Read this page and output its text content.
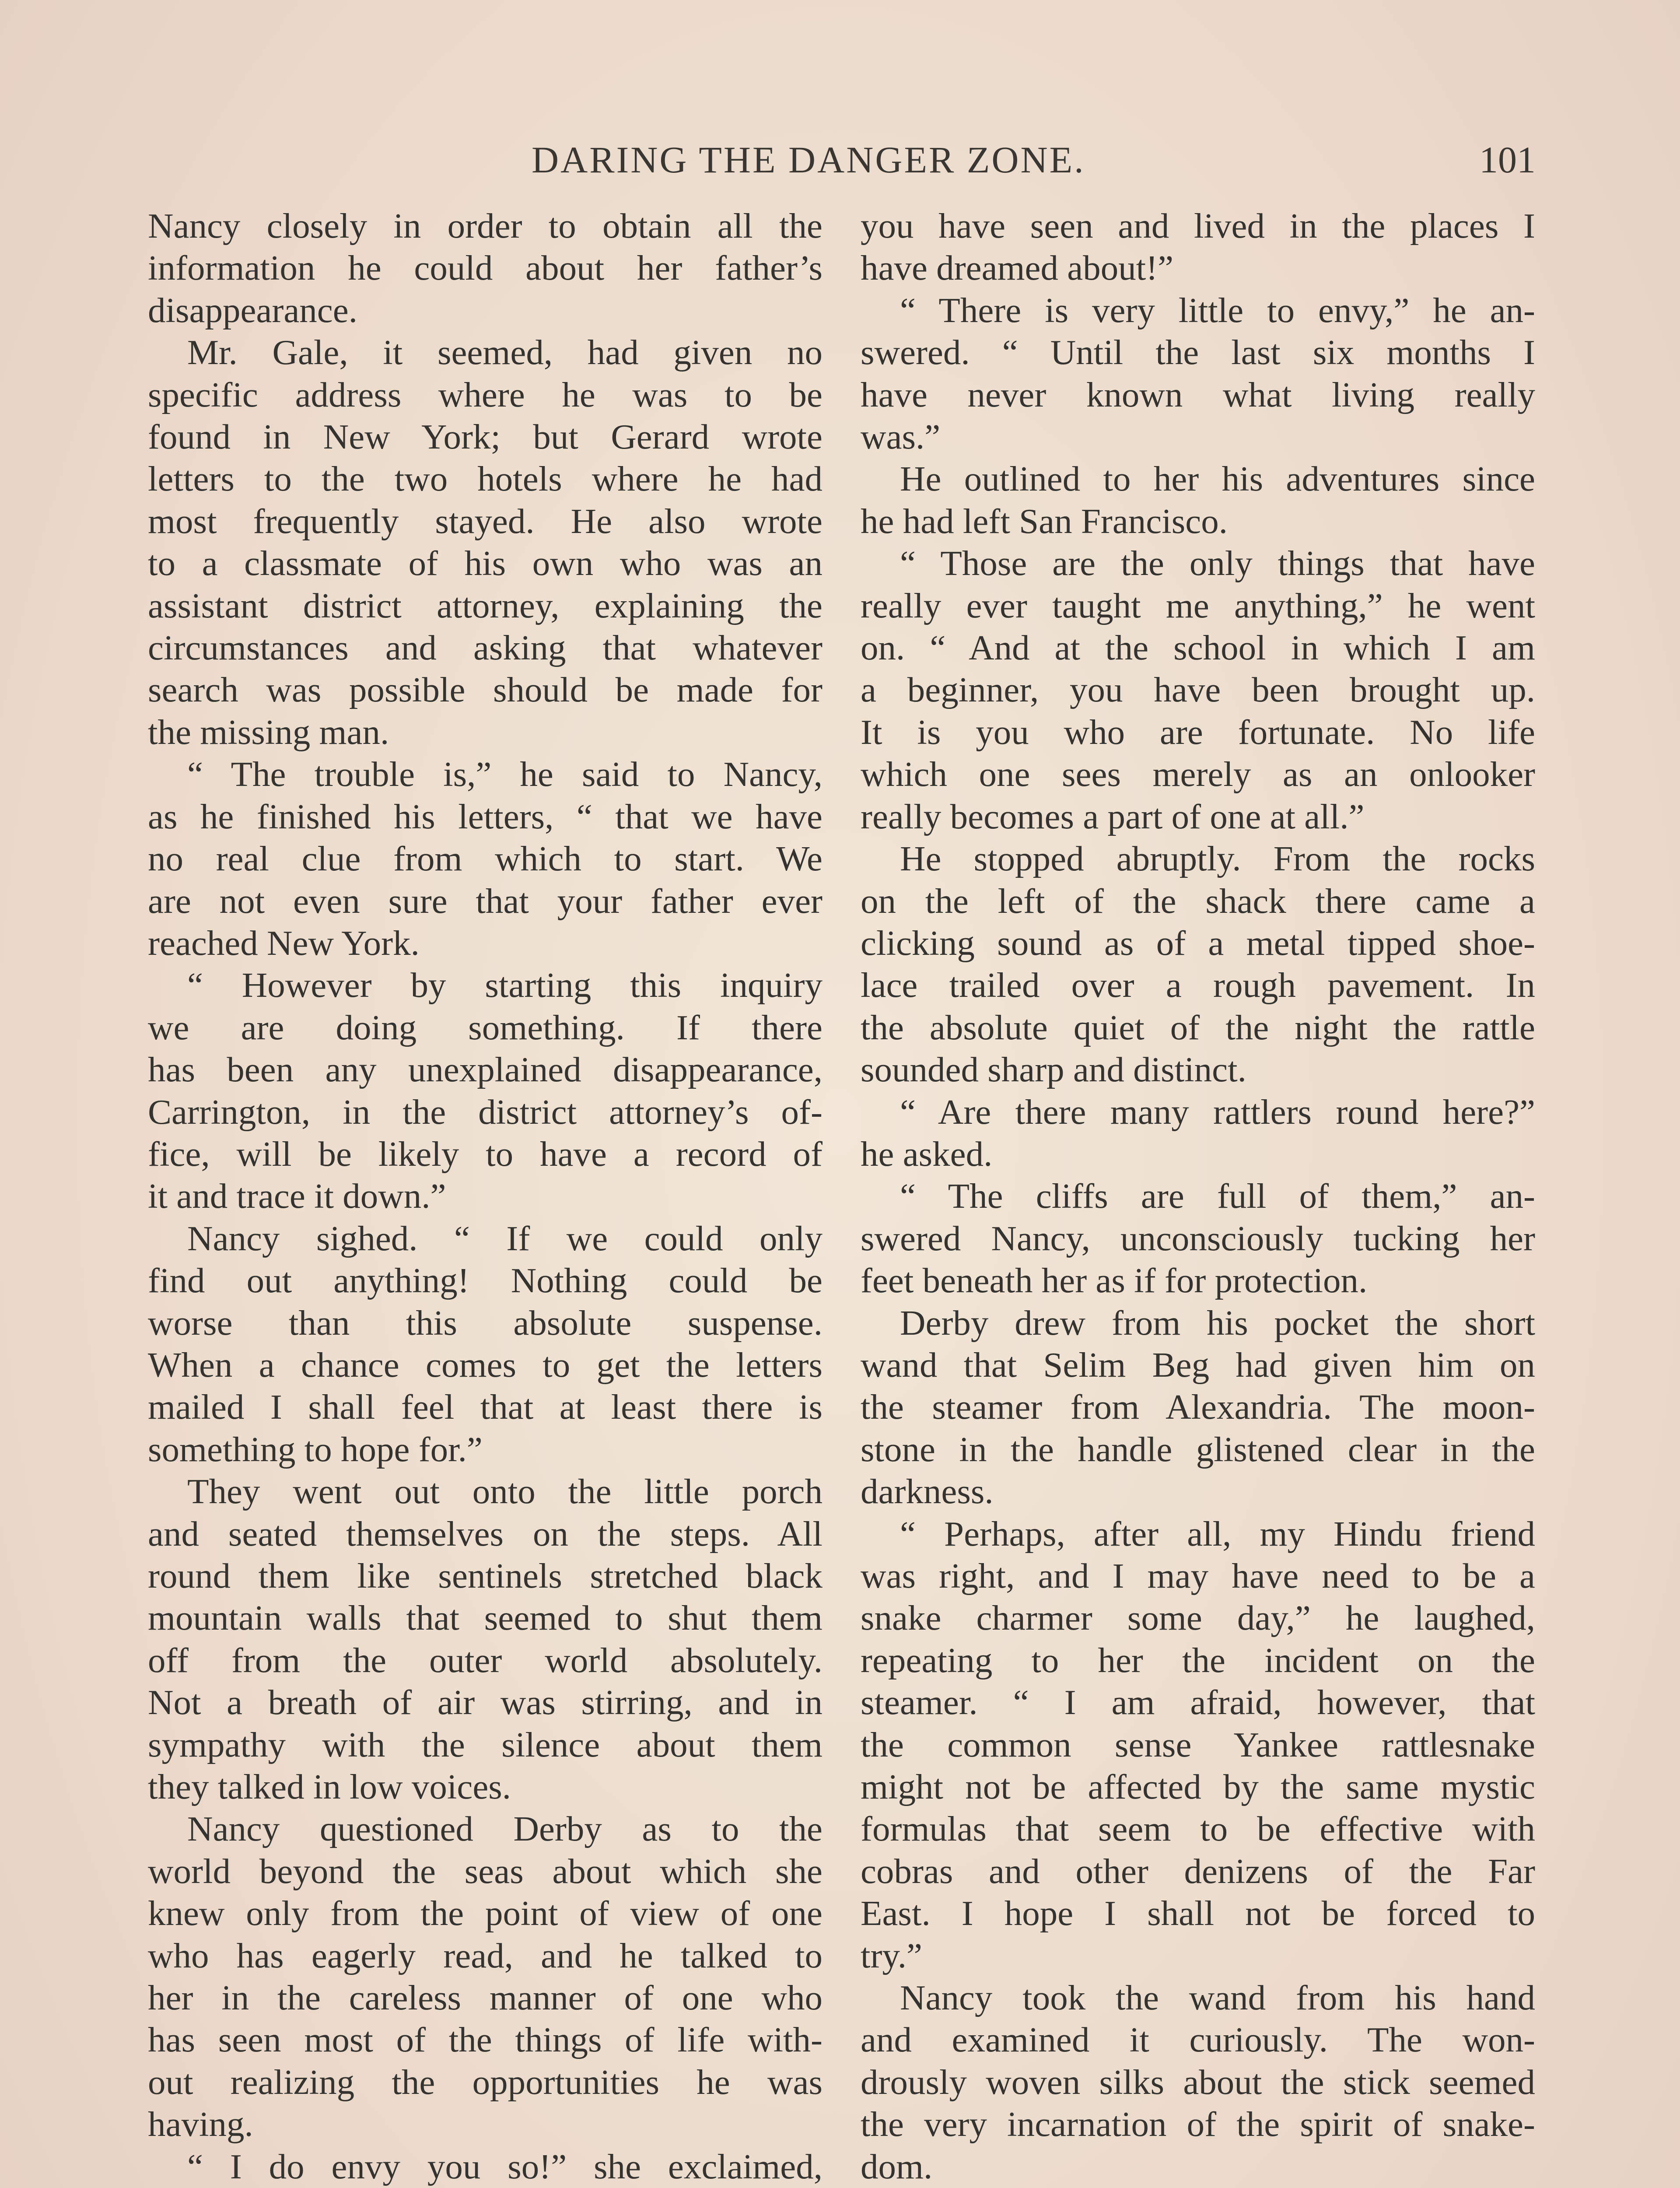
DARING THE DANGER ZONE.	101
Nancy closely in order to obtain all the
information he could about her father’s
disappearance.
Mr. Gale, it seemed, had given no
specific address where he was to be
found in New York; but Gerard wrote
letters to the two hotels where he had
most frequently stayed. He also wrote
to a classmate of his own who was an
assistant district attorney, explaining the
circumstances and asking that whatever
search was possible should be made for
the missing man.
“ The trouble is,” he said to Nancy,
as he finished his letters, “ that we have
no real clue from which to start. We
are not even sure that your father ever
reached New York.
“ However by starting this inquiry
we are doing something. If there
has been any unexplained disappearance,
Carrington, in the district attorney’s of-
fice, will be likely to have a record of
it and trace it down.”
Nancy sighed. “ If we could only
find out anything! Nothing could be
worse than this absolute suspense.
When a chance comes to get the letters
mailed I shall feel that at least there is
something to hope for.”
They went out onto the little porch
and seated themselves on the steps. All
round them like sentinels stretched black
mountain walls that seemed to shut them
off from the outer world absolutely.
Not a breath of air was stirring, and in
sympathy with the silence about them
they talked in low voices.
Nancy questioned Derby as to the
world beyond the seas about which she
knew only from the point of view of one
who has eagerly read, and he talked to
her in the careless manner of one who
has seen most of the things of life with-
out realizing the opportunities he was
having.
“ I do envy you so!” she exclaimed,
you have seen and lived in the places I
have dreamed about!”
“ There is very little to envy,” he an-
swered. “ Until the last six months I
have never known what living really
was.”
He outlined to her his adventures since
he had left San Francisco.
“ Those are the only things that have
really ever taught me anything,” he went
on. “ And at the school in which I am
a beginner, you have been brought up.
It is you who are fortunate. No life
which one sees merely as an onlooker
really becomes a part of one at all.”
He stopped abruptly. From the rocks
on the left of the shack there came a
clicking sound as of a metal tipped shoe-
lace trailed over a rough pavement. In
the absolute quiet of the night the rattle
sounded sharp and distinct.
“ Are there many rattlers round here?”
he asked.
“ The cliffs are full of them,” an-
swered Nancy, unconsciously tucking her
feet beneath her as if for protection.
Derby drew from his pocket the short
wand that Selim Beg had given him on
the steamer from Alexandria. The moon-
stone in the handle glistened clear in the
darkness.
“ Perhaps, after all, my Hindu friend
was right, and I may have need to be a
snake charmer some day,” he laughed,
repeating to her the incident on the
steamer. “ I am afraid, however, that
the common sense Yankee rattlesnake
might not be affected by the same mystic
formulas that seem to be effective with
cobras and other denizens of the Far
East. I hope I shall not be forced to
try.”
Nancy took the wand from his hand
and examined it curiously. The won-
drously woven silks about the stick seemed
the very incarnation of the spirit of snake-
dom.
